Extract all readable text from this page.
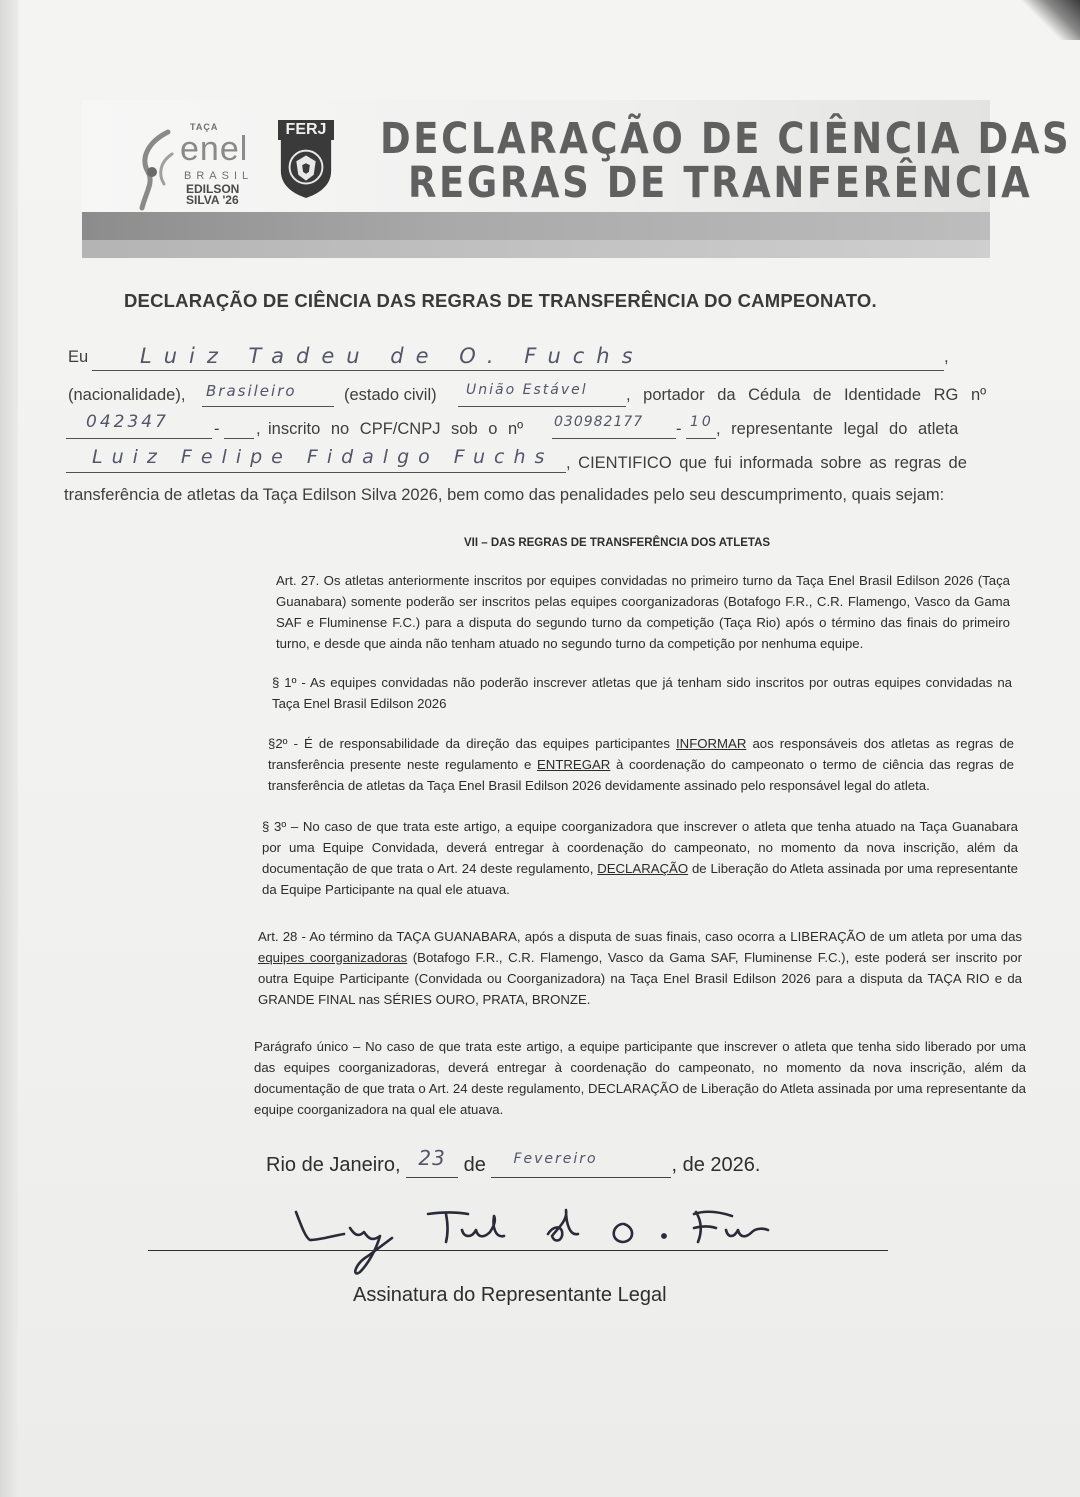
TAÇA
enel
BRASIL
EDILSON
SILVA '26
FERJ DECLARAÇÃO DE CIÊNCIA DAS
REGRAS DE TRANFERÊNCIA
DECLARAÇÃO DE CIÊNCIA DAS REGRAS DE TRANSFERÊNCIA DO CAMPEONATO.
Eu Luiz Tadeu de O. Fuchs	,
(nacionalidade), Brasileiro	(estado civil) União Estável , portador da Cédula de Identidade RG nº
042347	- , inscrito no CPF/CNPJ sob o nº 030982177 - 10 , representante legal do atleta
Luiz Felipe Fidalgo Fuchs , CIENTIFICO que fui informada sobre as regras de
transferência de atletas da Taça Edilson Silva 2026, bem como das penalidades pelo seu descumprimento, quais sejam:
VII – DAS REGRAS DE TRANSFERÊNCIA DOS ATLETAS

Art. 27. Os atletas anteriormente inscritos por equipes convidadas no primeiro turno da Taça Enel Brasil Edilson 2026 (Taça Guanabara) somente poderão ser inscritos pelas equipes coorganizadoras (Botafogo F.R., C.R. Flamengo, Vasco da Gama SAF e Fluminense F.C.) para a disputa do segundo turno da competição (Taça Rio) após o término das finais do primeiro turno, e desde que ainda não tenham atuado no segundo turno da competição por nenhuma equipe.

§ 1º - As equipes convidadas não poderão inscrever atletas que já tenham sido inscritos por outras equipes convidadas na Taça Enel Brasil Edilson 2026

§2º - É de responsabilidade da direção das equipes participantes INFORMAR aos responsáveis dos atletas as regras de transferência presente neste regulamento e ENTREGAR à coordenação do campeonato o termo de ciência das regras de transferência de atletas da Taça Enel Brasil Edilson 2026 devidamente assinado pelo responsável legal do atleta.

§ 3º – No caso de que trata este artigo, a equipe coorganizadora que inscrever o atleta que tenha atuado na Taça Guanabara por uma Equipe Convidada, deverá entregar à coordenação do campeonato, no momento da nova inscrição, além da documentação de que trata o Art. 24 deste regulamento, DECLARAÇÃO de Liberação do Atleta assinada por uma representante da Equipe Participante na qual ele atuava.

Art. 28 - Ao término da TAÇA GUANABARA, após a disputa de suas finais, caso ocorra a LIBERAÇÃO de um atleta por uma das equipes coorganizadoras (Botafogo F.R., C.R. Flamengo, Vasco da Gama SAF, Fluminense F.C.), este poderá ser inscrito por outra Equipe Participante (Convidada ou Coorganizadora) na Taça Enel Brasil Edilson 2026 para a disputa da TAÇA RIO e da GRANDE FINAL nas SÉRIES OURO, PRATA, BRONZE.

Parágrafo único – No caso de que trata este artigo, a equipe participante que inscrever o atleta que tenha sido liberado por uma das equipes coorganizadoras, deverá entregar à coordenação do campeonato, no momento da nova inscrição, além da documentação de que trata o Art. 24 deste regulamento, DECLARAÇÃO de Liberação do Atleta assinada por uma representante da equipe coorganizadora na qual ele atuava.

Rio de Janeiro, 23 de $^{Fevereiro}$	, de 2026.
Assinatura do Representante Legal
